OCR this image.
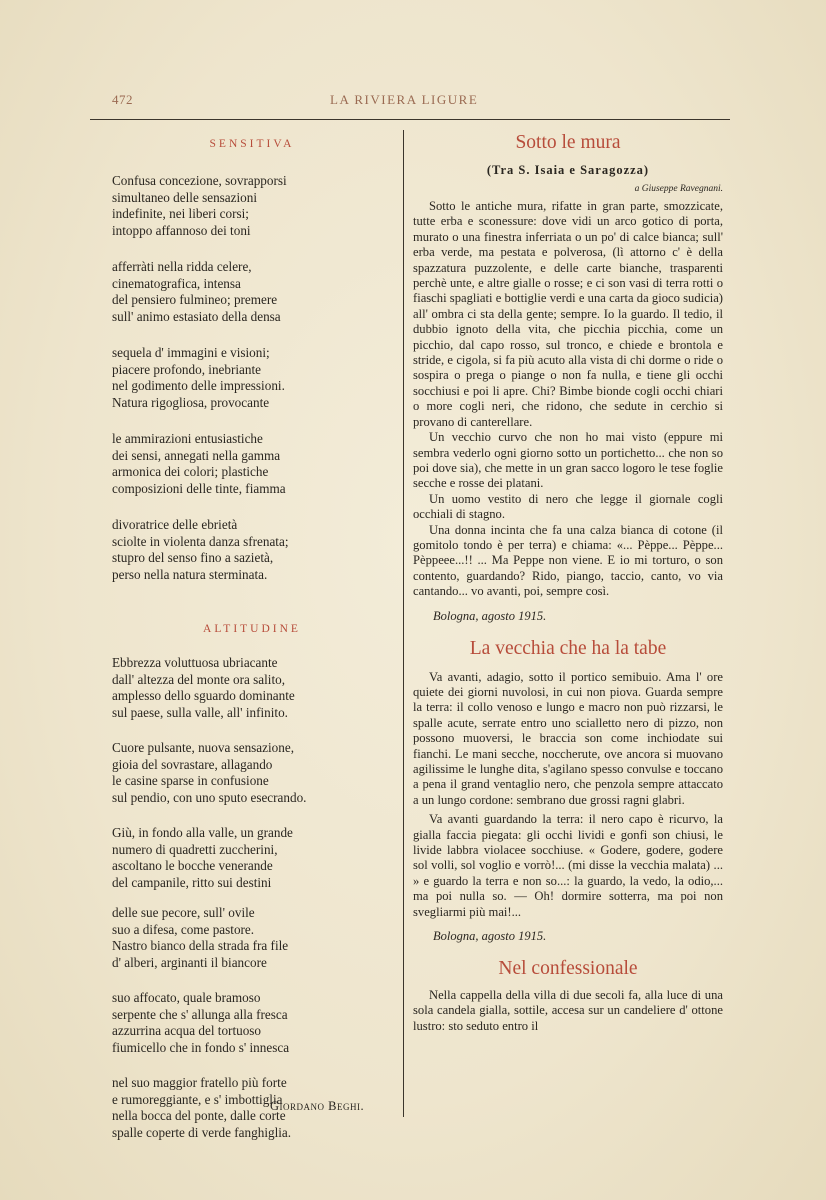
472	LA RIVIERA LIGURE

SENSITIVA

Confusa concezione, sovrapporsi
simultaneo delle sensazioni
indefinite, nei liberi corsi;
intoppo affannoso dei toni

afferràti nella ridda celere,
cinematografica, intensa
del pensiero fulmineo; premere
sull' animo estasiato della densa

sequela d' immagini e visioni;
piacere profondo, inebriante
nel godimento delle impressioni.
Natura rigogliosa, provocante

le ammirazioni entusiastiche
dei sensi, annegati nella gamma
armonica dei colori; plastiche
composizioni delle tinte, fiamma

divoratrice delle ebrietà
sciolte in violenta danza sfrenata;
stupro del senso fino a sazietà,
perso nella natura sterminata.

ALTITUDINE

Ebbrezza voluttuosa ubriacante
dall' altezza del monte ora salito,
amplesso dello sguardo dominante
sul paese, sulla valle, all' infinito.

Cuore pulsante, nuova sensazione,
gioia del sovrastare, allagando
le casine sparse in confusione
sul pendio, con uno sputo esecrando.

Giù, in fondo alla valle, un grande
numero di quadretti zuccherini,
ascoltano le bocche venerande
del campanile, ritto sui destini

delle sue pecore, sull' ovile
suo a difesa, come pastore.
Nastro bianco della strada fra file
d' alberi, arginanti il biancore

suo affocato, quale bramoso
serpente che s' allunga alla fresca
azzurrina acqua del tortuoso
fiumicello che in fondo s' innesca

nel suo maggior fratello più forte
e rumoreggiante, e s' imbottiglia
nella bocca del ponte, dalle corte
spalle coperte di verde fanghiglia.

Giordano Beghi.

Sotto le mura

(Tra S. Isaia e Saragozza)

a Giuseppe Ravegnani.

Sotto le antiche mura, rifatte in gran parte, smozzicate, tutte erba e sconessure: dove vidi un arco gotico di porta, murato o una finestra inferriata o un po' di calce bianca; sull' erba verde, ma pestata e polverosa, (lì attorno c' è della spazzatura puzzolente, e delle carte bianche, trasparenti perchè unte, e altre gialle o rosse; e ci son vasi di terra rotti o fiaschi spagliati e bottiglie verdi e una carta da gioco sudicia) all' ombra ci sta della gente; sempre. Io la guardo. Il tedio, il dubbio ignoto della vita, che picchia picchia, come un picchio, dal capo rosso, sul tronco, e chiede e brontola e stride, e cigola, si fa più acuto alla vista di chi dorme o ride o sospira o prega o piange o non fa nulla, e tiene gli occhi socchiusi e poi li apre. Chi? Bimbe bionde cogli occhi chiari o more cogli neri, che ridono, che sedute in cerchio si provano di canterellare.

Un vecchio curvo che non ho mai visto (eppure mi sembra vederlo ogni giorno sotto un portichetto... che non so poi dove sia), che mette in un gran sacco logoro le tese foglie secche e rosse dei platani.

Un uomo vestito di nero che legge il giornale cogli occhiali di stagno.

Una donna incinta che fa una calza bianca di cotone (il gomitolo tondo è per terra) e chiama: «... Pèppe... Pèppe... Pèppeee...!! ... Ma Peppe non viene. E io mi torturo, o son contento, guardando? Rido, piango, taccio, canto, vo via cantando... vo avanti, poi, sempre così.

Bologna, agosto 1915.

La vecchia che ha la tabe

Va avanti, adagio, sotto il portico semibuio. Ama l' ore quiete dei giorni nuvolosi, in cui non piova. Guarda sempre la terra: il collo venoso e lungo e macro non può rizzarsi, le spalle acute, serrate entro uno scialletto nero di pizzo, non possono muoversi, le braccia son come inchiodate sui fianchi. Le mani secche, noccherute, ove ancora si muovano agilissime le lunghe dita, s'agilano spesso convulse e toccano a pena il grand ventaglio nero, che penzola sempre attaccato a un lungo cordone: sembrano due grossi ragni glabri.

Va avanti guardando la terra: il nero capo è ricurvo, la gialla faccia piegata: gli occhi lividi e gonfi son chiusi, le livide labbra violacee socchiuse. « Godere, godere, godere sol volli, sol voglio e vorrò!... (mi disse la vecchia malata) ... » e guardo la terra e non so...: la guardo, la vedo, la odio,... ma poi nulla so. — Oh! dormire sotterra, ma poi non svegliarmi più mai!...

Bologna, agosto 1915.

Nel confessionale

Nella cappella della villa di due secoli fa, alla luce di una sola candela gialla, sottile, accesa sur un candeliere d' ottone lustro: sto seduto entro il
